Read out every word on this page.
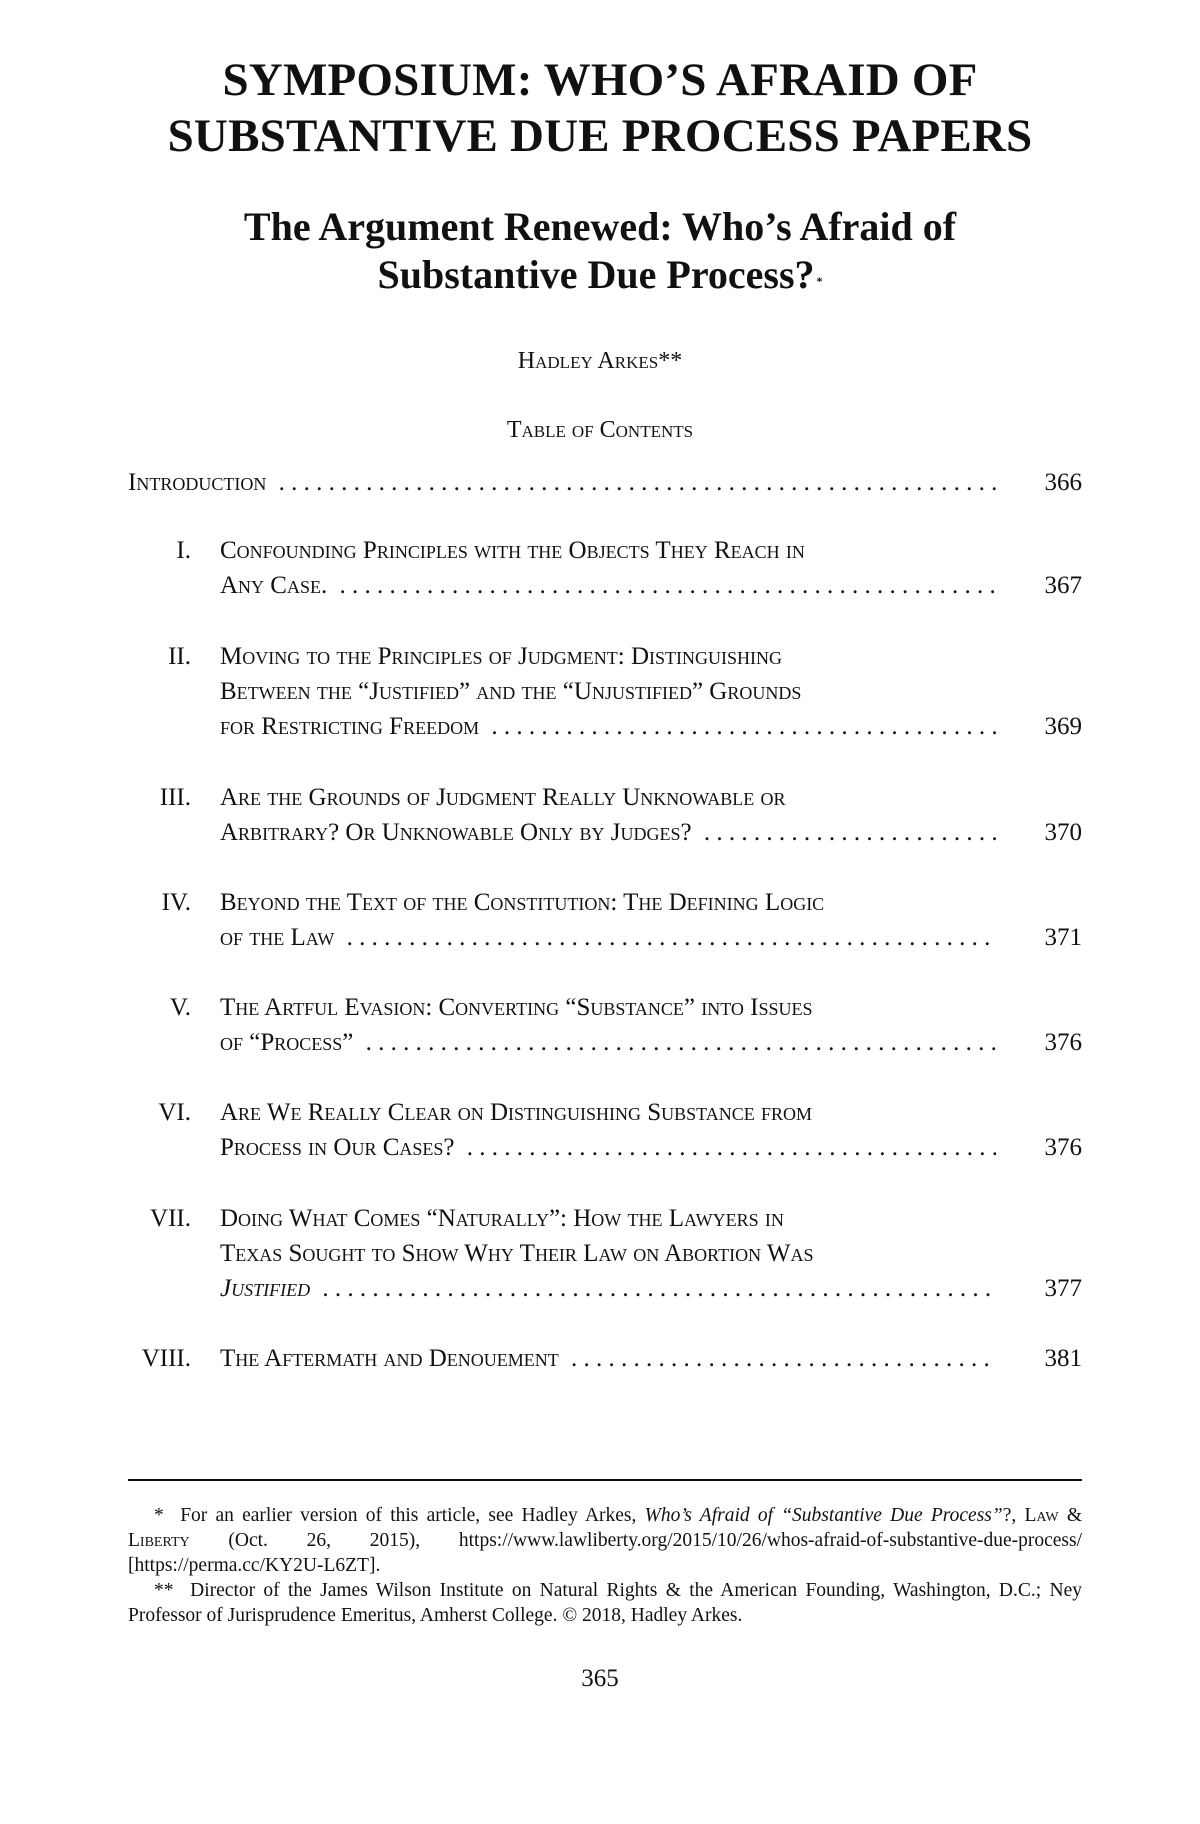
SYMPOSIUM: WHO’S AFRAID OF
SUBSTANTIVE DUE PROCESS PAPERS
The Argument Renewed: Who’s Afraid of
Substantive Due Process? *
Hadley Arkes**
Table of Contents
Introduction . . .	366
I. Confounding Principles with the Objects They Reach in
Any Case. . . .	367
II. Moving to the Principles of Judgment: Distinguishing
Between the “Justified” and the “Unjustified” Grounds
for Restricting Freedom . . .	369
III. Are the Grounds of Judgment Really Unknowable or
Arbitrary? Or Unknowable Only by Judges? . . .	370
IV. Beyond the Text of the Constitution: The Defining Logic
of the Law . . .	371
V. The Artful Evasion: Converting “Substance” into Issues
of “Process” . . .	376
VI. Are We Really Clear on Distinguishing Substance from
Process in Our Cases? . . .	376
VII. Doing What Comes “Naturally”: How the Lawyers in
Texas Sought to Show Why Their Law on Abortion Was
Justified . . .	377
VIII. The Aftermath and Denouement . . .	381

* For an earlier version of this article, see Hadley Arkes, Who’s Afraid of “Substantive Due Process”?, Law & Liberty (Oct. 26, 2015), https://www.lawliberty.org/2015/10/26/whos-afraid-of-substantive-due-process/ [https://perma.cc/KY2U-L6ZT].

** Director of the James Wilson Institute on Natural Rights & the American Founding, Washington, D.C.; Ney Professor of Jurisprudence Emeritus, Amherst College. © 2018, Hadley Arkes.

365
